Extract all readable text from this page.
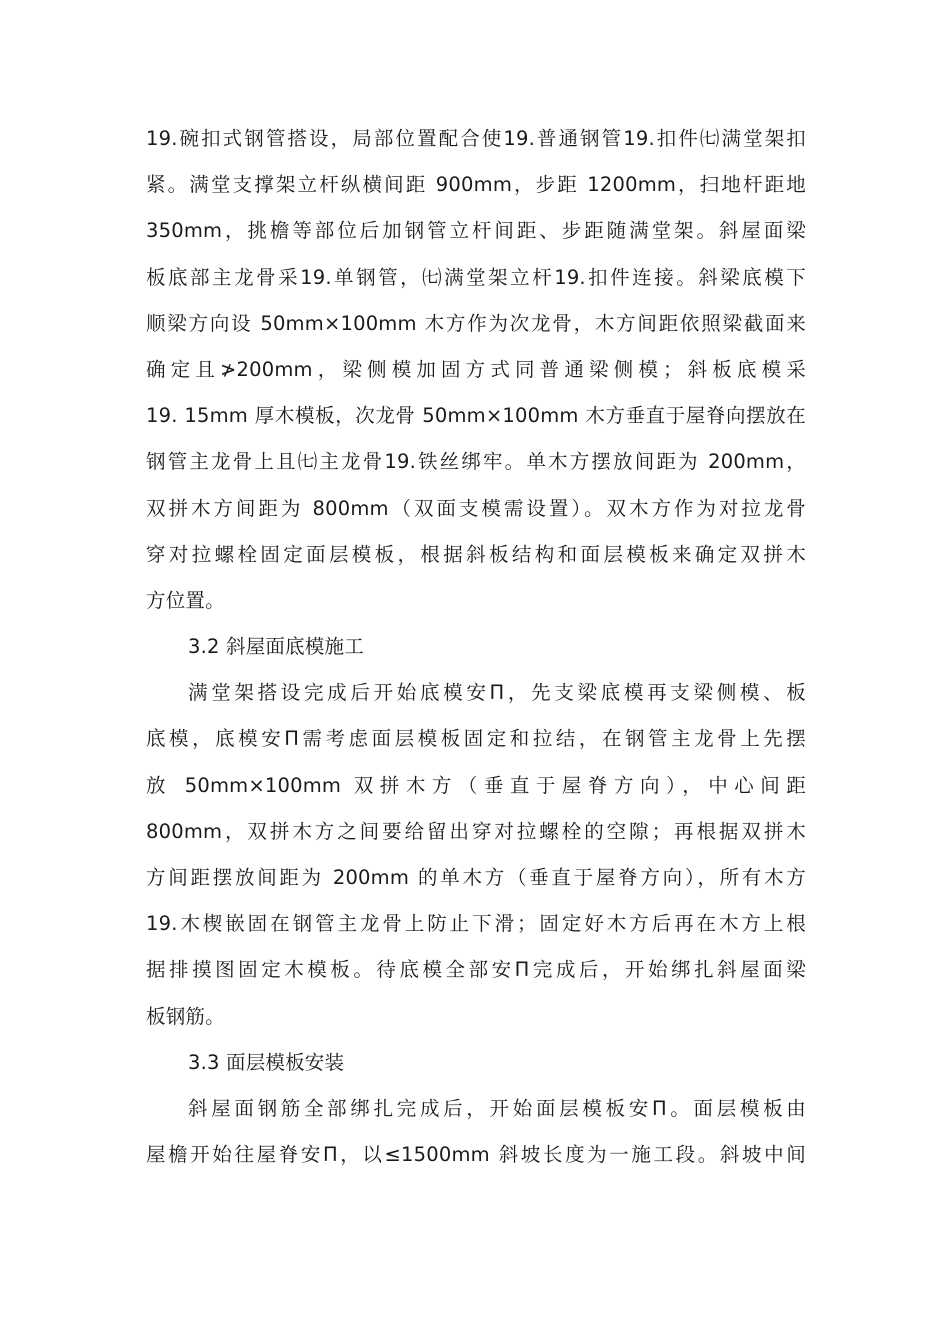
19.碗扣式钢管搭设，局部位置配合使19.普通钢管19.扣件㈦满堂架扣
紧。满堂支撑架立杆纵横间距 900mm，步距 1200mm，扫地杆距地
350mm，挑檐等部位后加钢管立杆间距、步距随满堂架。斜屋面梁
板底部主龙骨采19.单钢管，㈦满堂架立杆19.扣件连接。斜梁底模下
顺梁方向设 50mm×100mm 木方作为次龙骨，木方间距依照梁截面来
确定且≯200mm，梁侧模加固方式同普通梁侧模；斜板底模采
19. 15mm 厚木模板，次龙骨 50mm×100mm 木方垂直于屋脊向摆放在
钢管主龙骨上且㈦主龙骨19.铁丝绑牢。单木方摆放间距为 200mm，
双拼木方间距为 800mm（双面支模需设置）。双木方作为对拉龙骨
穿对拉螺栓固定面层模板，根据斜板结构和面层模板来确定双拼木
方位置。
3.2 斜屋面底模施工
满堂架搭设完成后开始底模安Π，先支梁底模再支梁侧模、板
底模，底模安Π需考虑面层模板固定和拉结，在钢管主龙骨上先摆
放 50mm×100mm 双拼木方（垂直于屋脊方向），中心间距
800mm，双拼木方之间要给留出穿对拉螺栓的空隙；再根据双拼木
方间距摆放间距为 200mm 的单木方（垂直于屋脊方向），所有木方
19.木楔嵌固在钢管主龙骨上防止下滑；固定好木方后再在木方上根
据排摸图固定木模板。待底模全部安Π完成后，开始绑扎斜屋面梁
板钢筋。
3.3 面层模板安装
斜屋面钢筋全部绑扎完成后，开始面层模板安Π。面层模板由
屋檐开始往屋脊安Π，以≤1500mm 斜坡长度为一施工段。斜坡中间
